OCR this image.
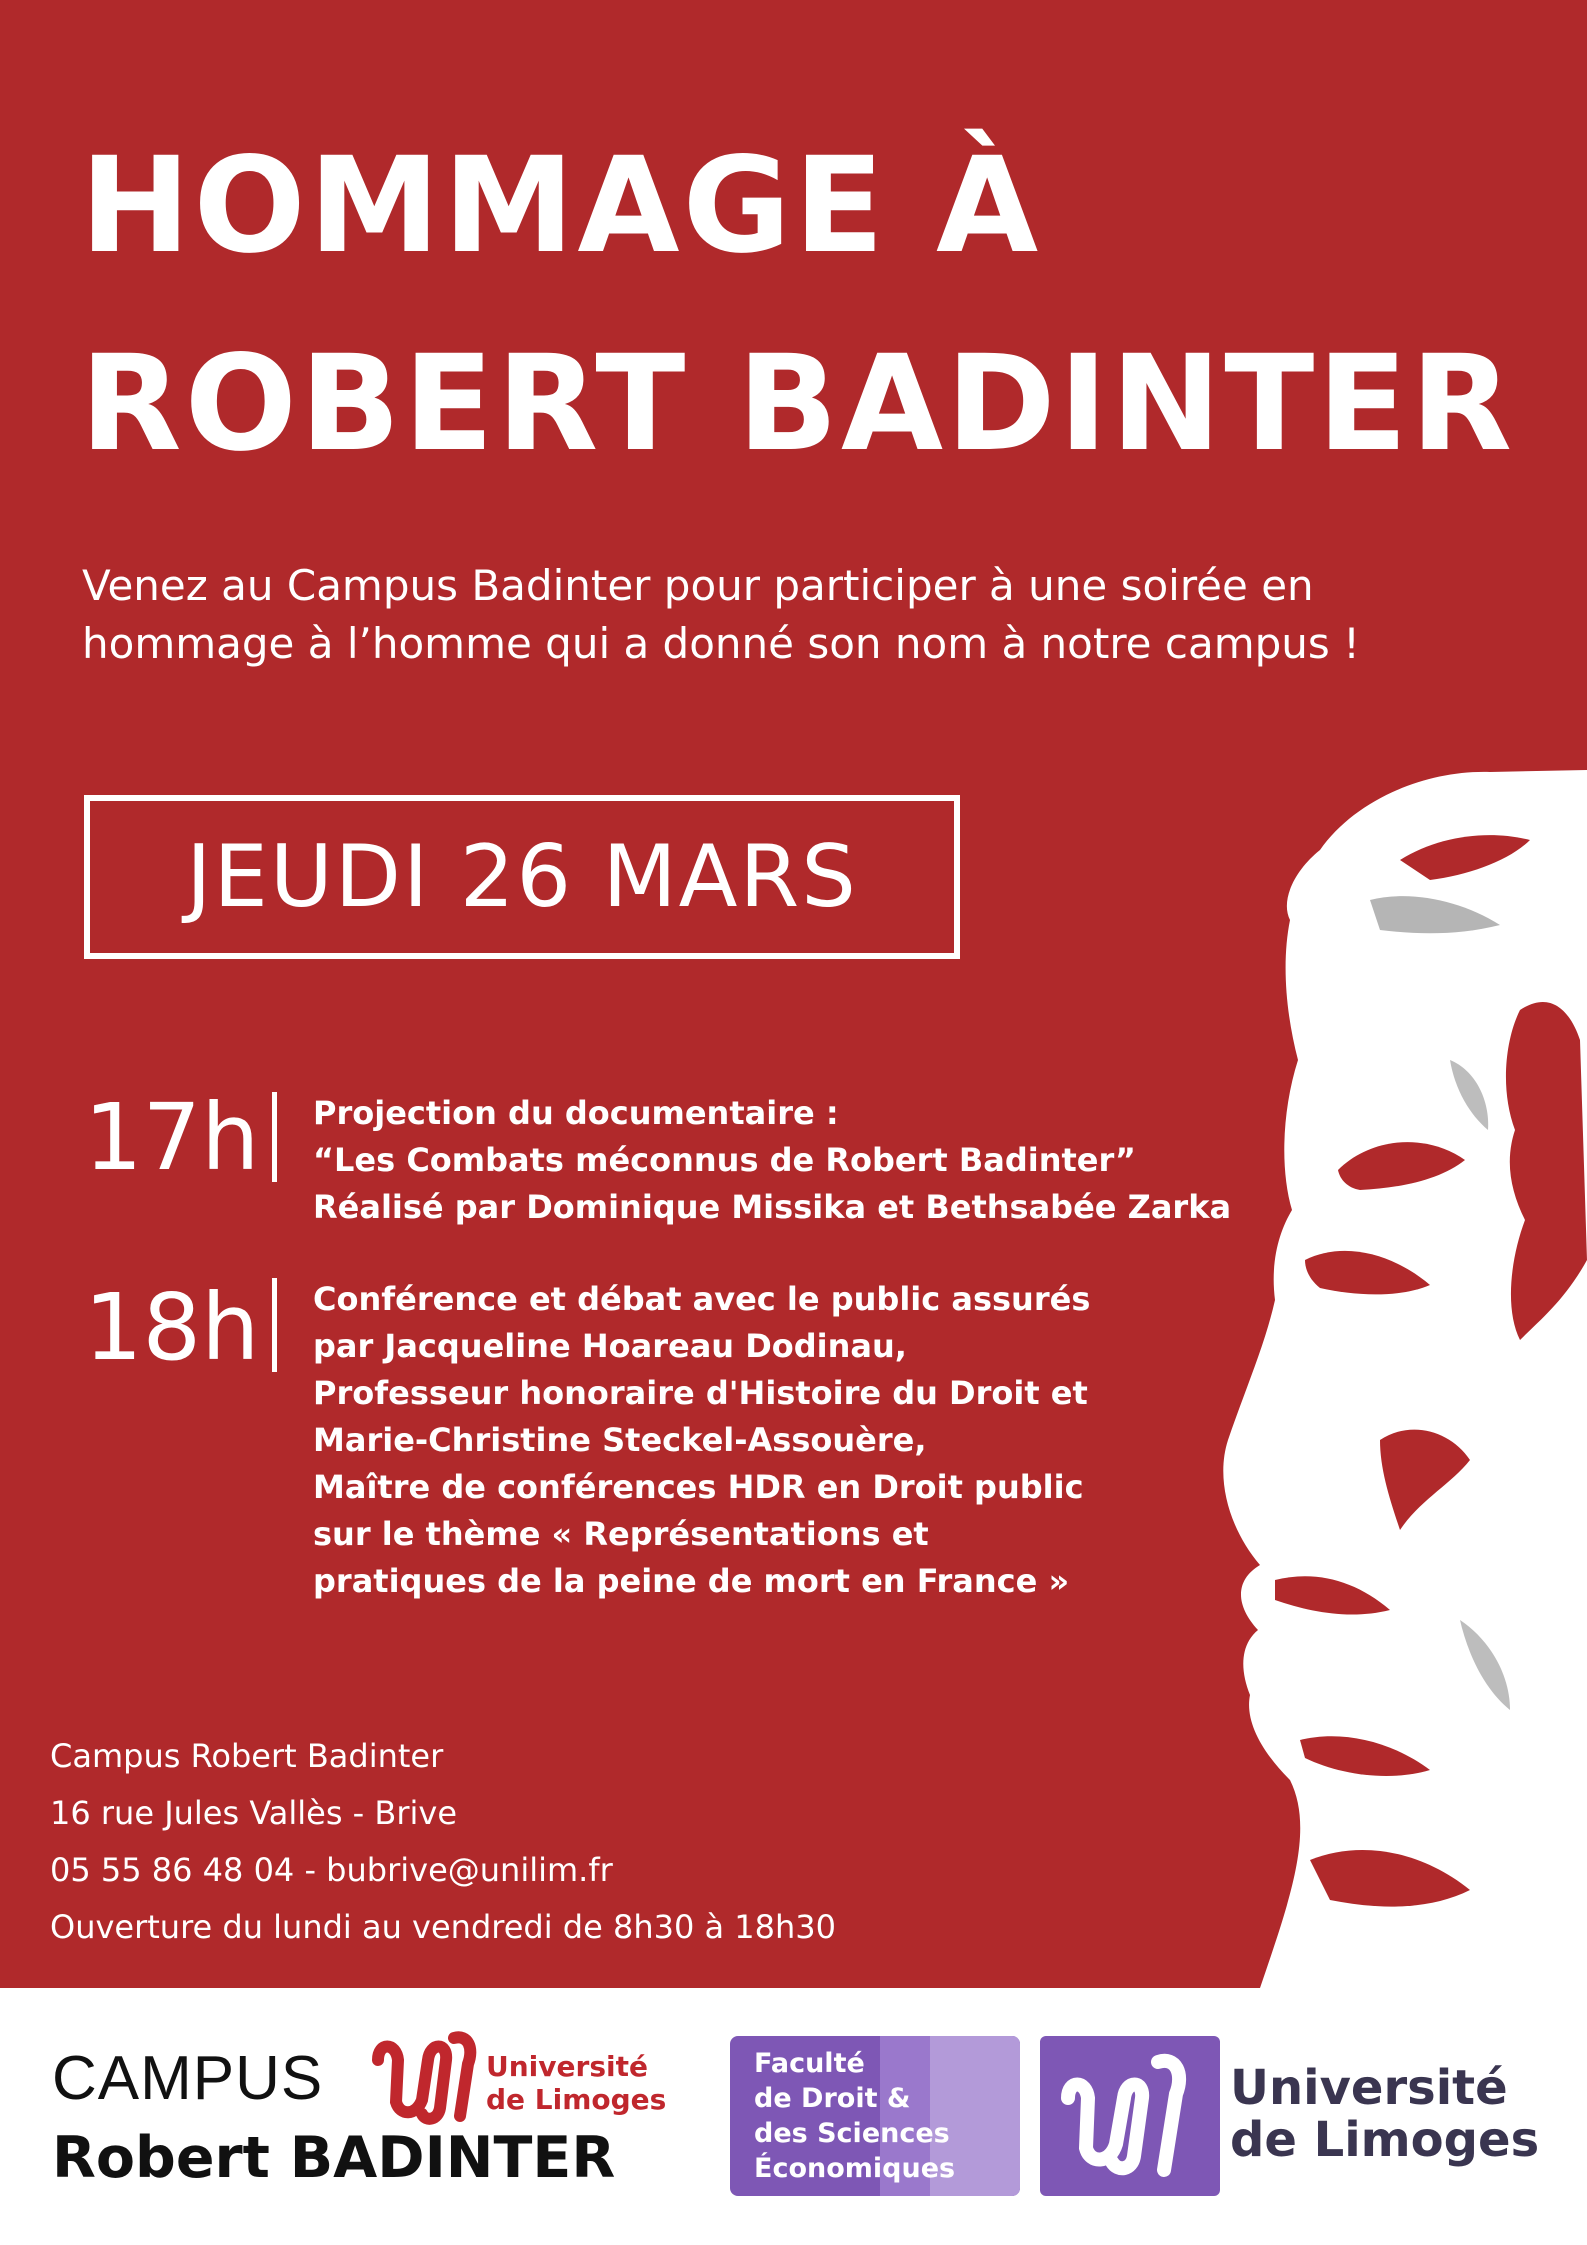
HOMMAGE À
ROBERT BADINTER

Venez au Campus Badinter pour participer à une soirée en
hommage à l’homme qui a donné son nom à notre campus !

JEUDI 26 MARS
17h Projection du documentaire :
“Les Combats méconnus de Robert Badinter”
Réalisé par Dominique Missika et Bethsabée Zarka

18h Conférence et débat avec le public assurés
par Jacqueline Hoareau Dodinau,
Professeur honoraire d'Histoire du Droit et
Marie-Christine Steckel-Assouère,
Maître de conférences HDR en Droit public
sur le thème « Représentations et
pratiques de la peine de mort en France »

Campus Robert Badinter
16 rue Jules Vallès - Brive
05 55 86 48 04 - bubrive@unilim.fr
Ouverture du lundi au vendredi de 8h30 à 18h30

CAMPUS
Robert BADINTER
Université
de Limoges
Faculté
de Droit &
des Sciences
Économiques
Université
de Limoges
